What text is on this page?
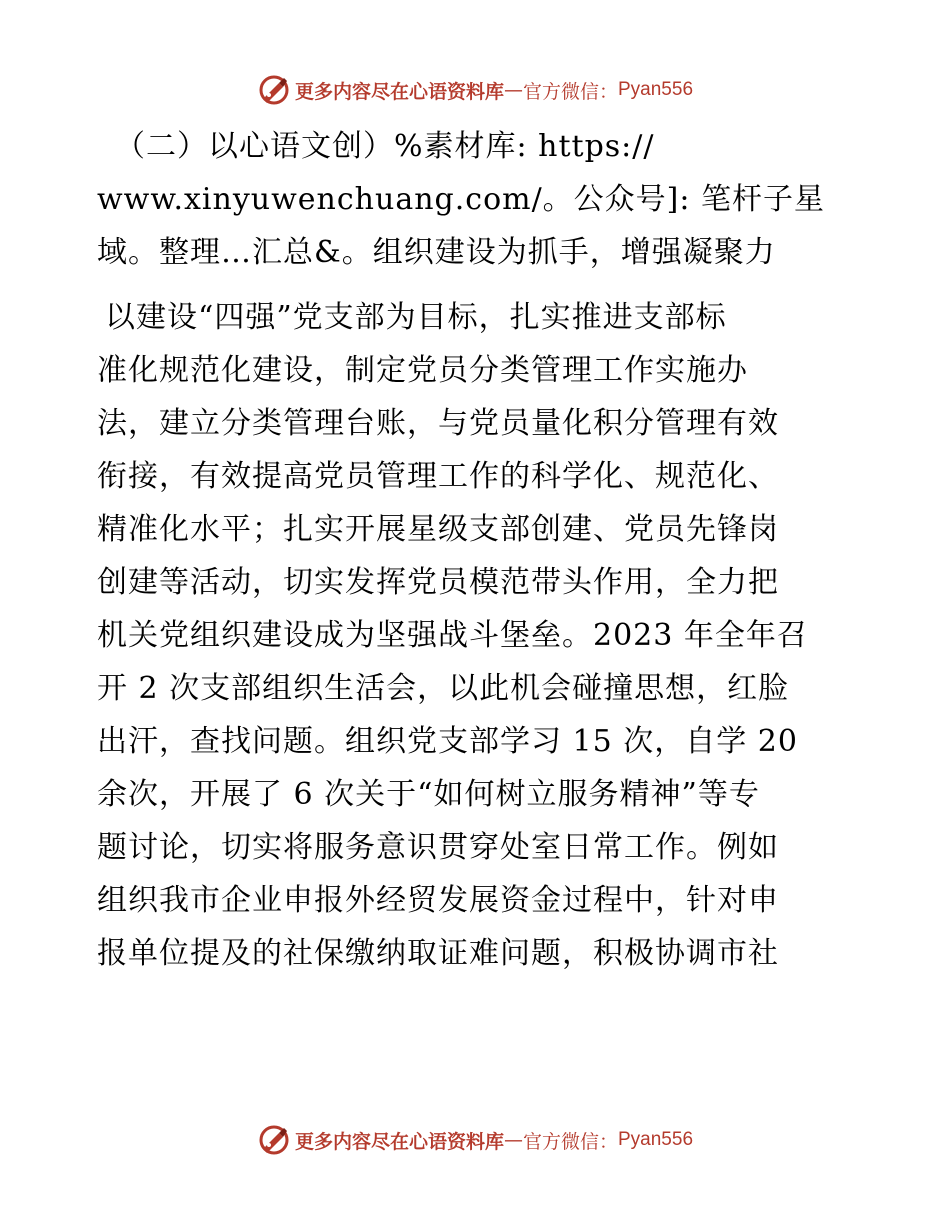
更多内容尽在心语资料库 — 官方微信： Pyan556
（二）以心语文创）%素材库: https://
www.xinyuwenchuang.com/。公众号]: 笔杆子星
域。整理…汇总&。组织建设为抓手，增强凝聚力
以建设“四强”党支部为目标，扎实推进支部标
准化规范化建设，制定党员分类管理工作实施办
法，建立分类管理台账，与党员量化积分管理有效
衔接，有效提高党员管理工作的科学化、规范化、
精准化水平；扎实开展星级支部创建、党员先锋岗
创建等活动，切实发挥党员模范带头作用，全力把
机关党组织建设成为坚强战斗堡垒。2023 年全年召
开 2 次支部组织生活会，以此机会碰撞思想，红脸
出汗，查找问题。组织党支部学习 15 次，自学 20
余次，开展了 6 次关于“如何树立服务精神”等专
题讨论，切实将服务意识贯穿处室日常工作。例如
组织我市企业申报外经贸发展资金过程中，针对申
报单位提及的社保缴纳取证难问题，积极协调市社
更多内容尽在心语资料库 — 官方微信： Pyan556
